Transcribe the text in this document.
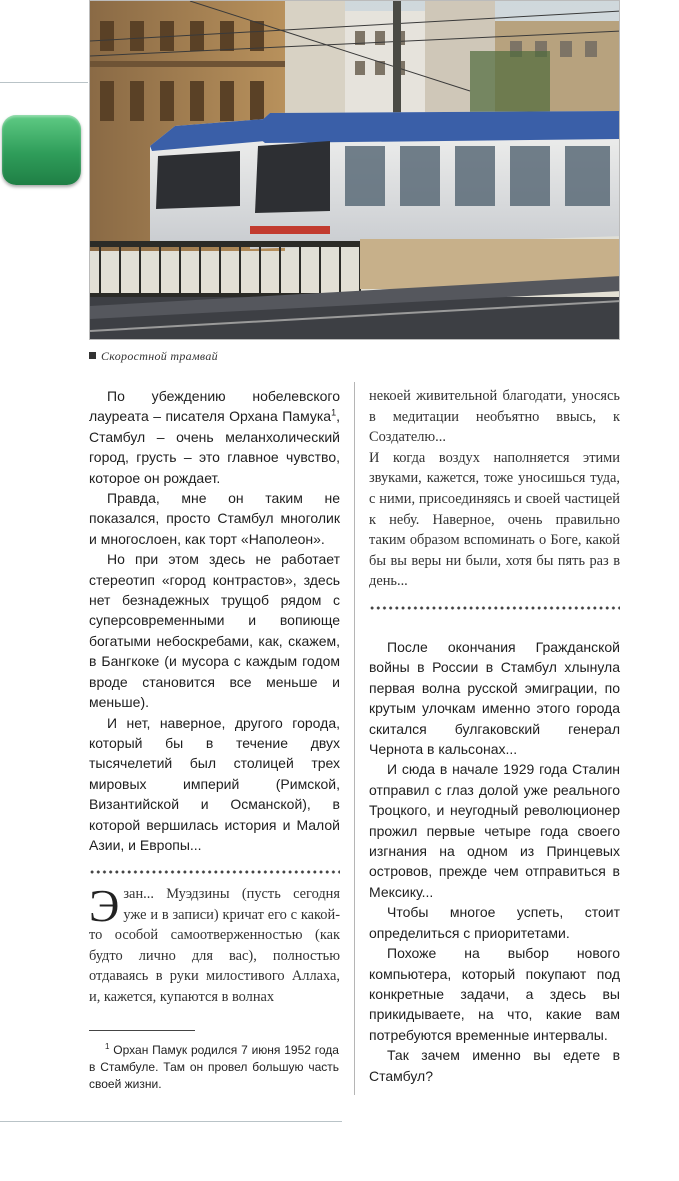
Скоростной трамвай

По убеждению нобелевского лауреата – писателя Орхана Памука$^1$, Стамбул – очень меланхолический город, грусть – это главное чувство, которое он рождает.

Правда, мне он таким не показался, просто Стамбул многолик и многослоен, как торт «Наполеон».

Но при этом здесь не работает стереотип «город контрастов», здесь нет безнадежных трущоб рядом с суперсовременными и вопиюще богатыми небоскребами, как, скажем, в Бангкоке (и мусора с каждым годом вроде становится все меньше и меньше).

И нет, наверное, другого города, который бы в течение двух тысячелетий был столицей трех мировых империй (Римской, Византийской и Османской), в которой вершилась история и Малой Азии, и Европы...

Эзан... Муэдзины (пусть сегодня уже и в записи) кричат его с какой-то особой самоотверженностью (как будто лично для вас), полностью отдаваясь в руки милостивого Аллаха, и, кажется, купаются в волнах

$^1$ Орхан Памук родился 7 июня 1952 года в Стамбуле. Там он провел большую часть своей жизни.

некоей живительной благодати, уносясь в медитации необъятно ввысь, к Создателю...

И когда воздух наполняется этими звуками, кажется, тоже уносишься туда, с ними, присоединяясь и своей частицей к небу. Наверное, очень правильно таким образом вспоминать о Боге, какой бы вы веры ни были, хотя бы пять раз в день...

После окончания Гражданской войны в России в Стамбул хлынула первая волна русской эмиграции, по крутым улочкам именно этого города скитался булгаковский генерал Чернота в кальсонах...

И сюда в начале 1929 года Сталин отправил с глаз долой уже реального Троцкого, и неугодный революционер прожил первые четыре года своего изгнания на одном из Принцевых островов, прежде чем отправиться в Мексику...

Чтобы многое успеть, стоит определиться с приоритетами.

Похоже на выбор нового компьютера, который покупают под конкретные задачи, а здесь вы прикидываете, на что, какие вам потребуются временные интервалы.

Так зачем именно вы едете в Стамбул?
